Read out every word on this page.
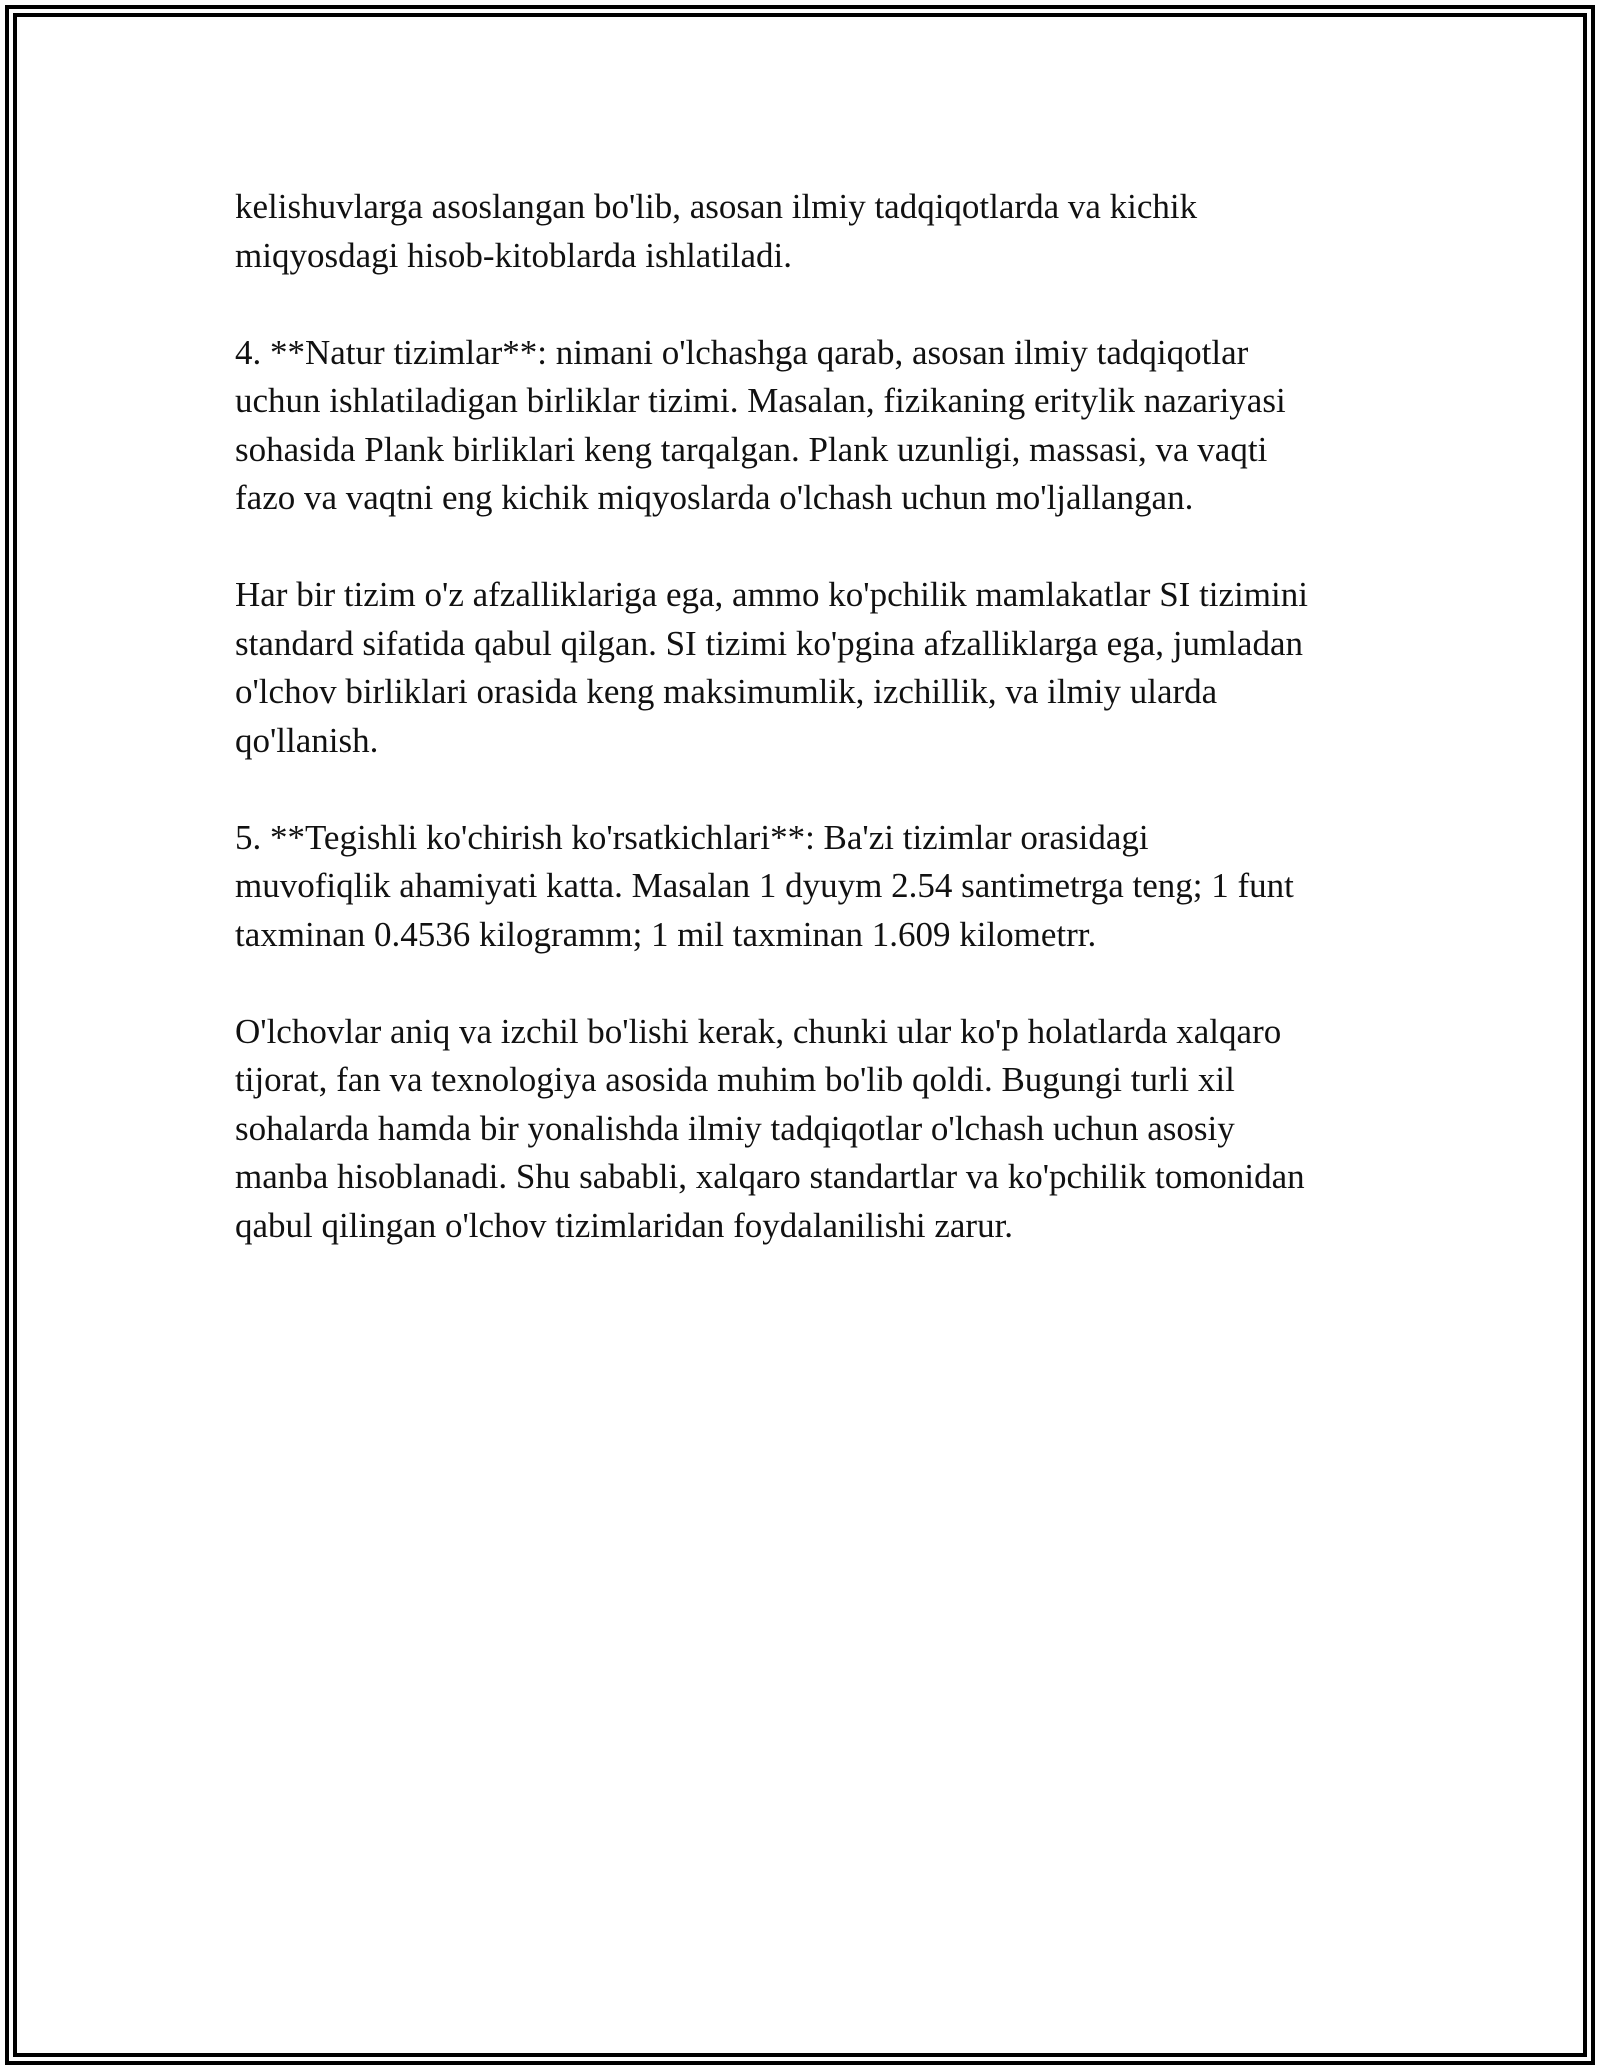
kelishuvlarga asoslangan bo'lib, asosan ilmiy tadqiqotlarda va kichik
miqyosdagi hisob-kitoblarda ishlatiladi.

4. **Natur tizimlar**: nimani o'lchashga qarab, asosan ilmiy tadqiqotlar
uchun ishlatiladigan birliklar tizimi. Masalan, fizikaning eritylik nazariyasi
sohasida Plank birliklari keng tarqalgan. Plank uzunligi, massasi, va vaqti
fazo va vaqtni eng kichik miqyoslarda o'lchash uchun mo'ljallangan.

Har bir tizim o'z afzalliklariga ega, ammo ko'pchilik mamlakatlar SI tizimini
standard sifatida qabul qilgan. SI tizimi ko'pgina afzalliklarga ega, jumladan
o'lchov birliklari orasida keng maksimumlik, izchillik, va ilmiy ularda
qo'llanish.

5. **Tegishli ko'chirish ko'rsatkichlari**: Ba'zi tizimlar orasidagi
muvofiqlik ahamiyati katta. Masalan 1 dyuym 2.54 santimetrga teng; 1 funt
taxminan 0.4536 kilogramm; 1 mil taxminan 1.609 kilometrr.

O'lchovlar aniq va izchil bo'lishi kerak, chunki ular ko'p holatlarda xalqaro
tijorat, fan va texnologiya asosida muhim bo'lib qoldi. Bugungi turli xil
sohalarda hamda bir yonalishda ilmiy tadqiqotlar o'lchash uchun asosiy
manba hisoblanadi. Shu sababli, xalqaro standartlar va ko'pchilik tomonidan
qabul qilingan o'lchov tizimlaridan foydalanilishi zarur.
